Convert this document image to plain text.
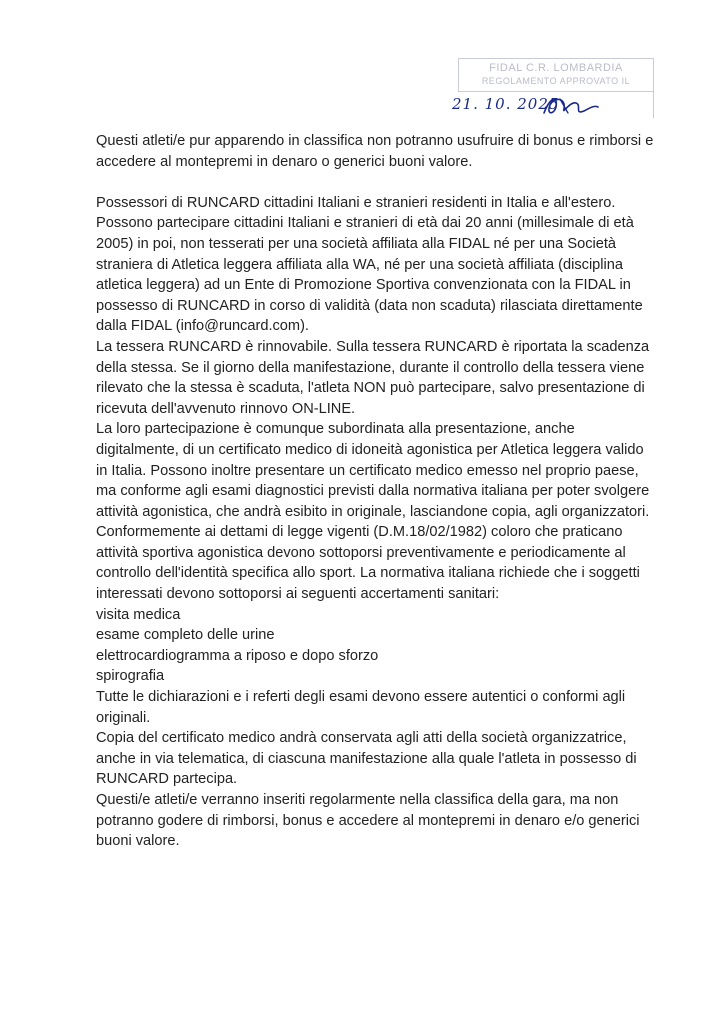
FIDAL C.R. LOMBARDIA
REGOLAMENTO APPROVATO IL
21. 10. 2025

Questi atleti/e pur apparendo in classifica non potranno usufruire di bonus e rimborsi e accedere al montepremi in denaro o generici buoni valore.

Possessori di RUNCARD cittadini Italiani e stranieri residenti in Italia e all'estero. Possono partecipare cittadini Italiani e stranieri di età dai 20 anni (millesimale di età 2005) in poi, non tesserati per una società affiliata alla FIDAL né per una Società straniera di Atletica leggera affiliata alla WA, né per una società affiliata (disciplina atletica leggera) ad un Ente di Promozione Sportiva convenzionata con la FIDAL in possesso di RUNCARD in corso di validità (data non scaduta) rilasciata direttamente dalla FIDAL (info@runcard.com).

La tessera RUNCARD è rinnovabile. Sulla tessera RUNCARD è riportata la scadenza della stessa. Se il giorno della manifestazione, durante il controllo della tessera viene rilevato che la stessa è scaduta, l'atleta NON può partecipare, salvo presentazione di ricevuta dell'avvenuto rinnovo ON-LINE.

La loro partecipazione è comunque subordinata alla presentazione, anche digitalmente, di un certificato medico di idoneità agonistica per Atletica leggera valido in Italia. Possono inoltre presentare un certificato medico emesso nel proprio paese, ma conforme agli esami diagnostici previsti dalla normativa italiana per poter svolgere attività agonistica, che andrà esibito in originale, lasciandone copia, agli organizzatori. Conformemente ai dettami di legge vigenti (D.M.18/02/1982) coloro che praticano attività sportiva agonistica devono sottoporsi preventivamente e periodicamente al controllo dell'identità specifica allo sport. La normativa italiana richiede che i soggetti interessati devono sottoporsi ai seguenti accertamenti sanitari:

visita medica

esame completo delle urine

elettrocardiogramma a riposo e dopo sforzo

spirografia

Tutte le dichiarazioni e i referti degli esami devono essere autentici o conformi agli originali.

Copia del certificato medico andrà conservata agli atti della società organizzatrice, anche in via telematica, di ciascuna manifestazione alla quale l'atleta in possesso di RUNCARD partecipa.

Questi/e atleti/e verranno inseriti regolarmente nella classifica della gara, ma non potranno godere di rimborsi, bonus e accedere al montepremi in denaro e/o generici buoni valore.
